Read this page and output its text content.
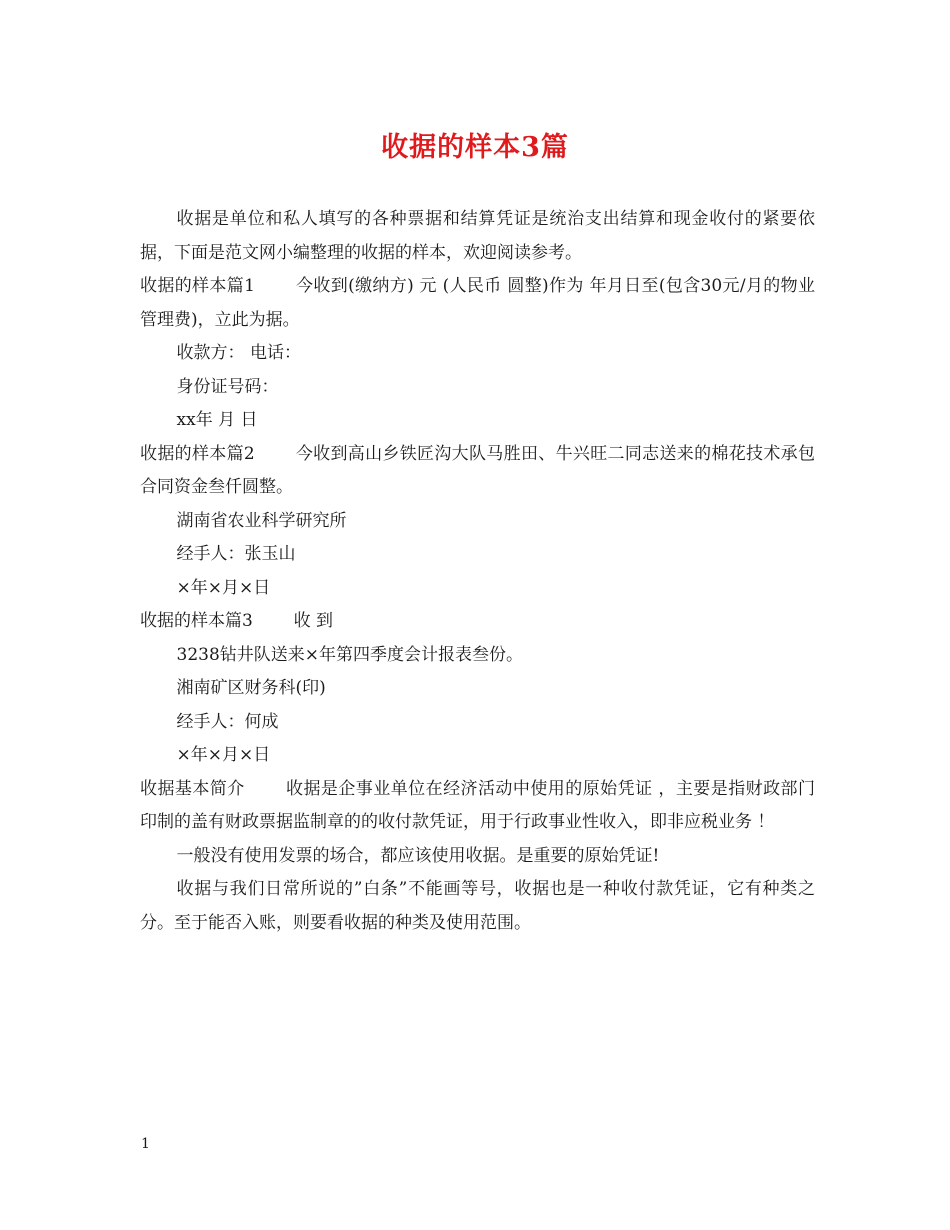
收据的样本3篇

收据是单位和私人填写的各种票据和结算凭证是统治支出结算和现金收付的紧要依据，下面是范文网小编整理的收据的样本，欢迎阅读参考。

收据的样本篇1 今收到(缴纳方) 元 (人民币 圆整)作为 年月日至(包含30元/月的物业管理费)，立此为据。

收款方： 电话：

身份证号码：

xx年 月 日

收据的样本篇2 今收到高山乡铁匠沟大队马胜田、牛兴旺二同志送来的棉花技术承包合同资金叁仟圆整。

湖南省农业科学研究所

经手人：张玉山

×年×月×日

收据的样本篇3 收 到

3238钻井队送来×年第四季度会计报表叁份。

湘南矿区财务科(印)

经手人：何成

×年×月×日

收据基本简介 收据是企事业单位在经济活动中使用的原始凭证 ，主要是指财政部门印制的盖有财政票据监制章的的收付款凭证，用于行政事业性收入，即非应税业务 ！

一般没有使用发票的场合，都应该使用收据。是重要的原始凭证!

收据与我们日常所说的”白条”不能画等号，收据也是一种收付款凭证，它有种类之分。至于能否入账，则要看收据的种类及使用范围。

1
